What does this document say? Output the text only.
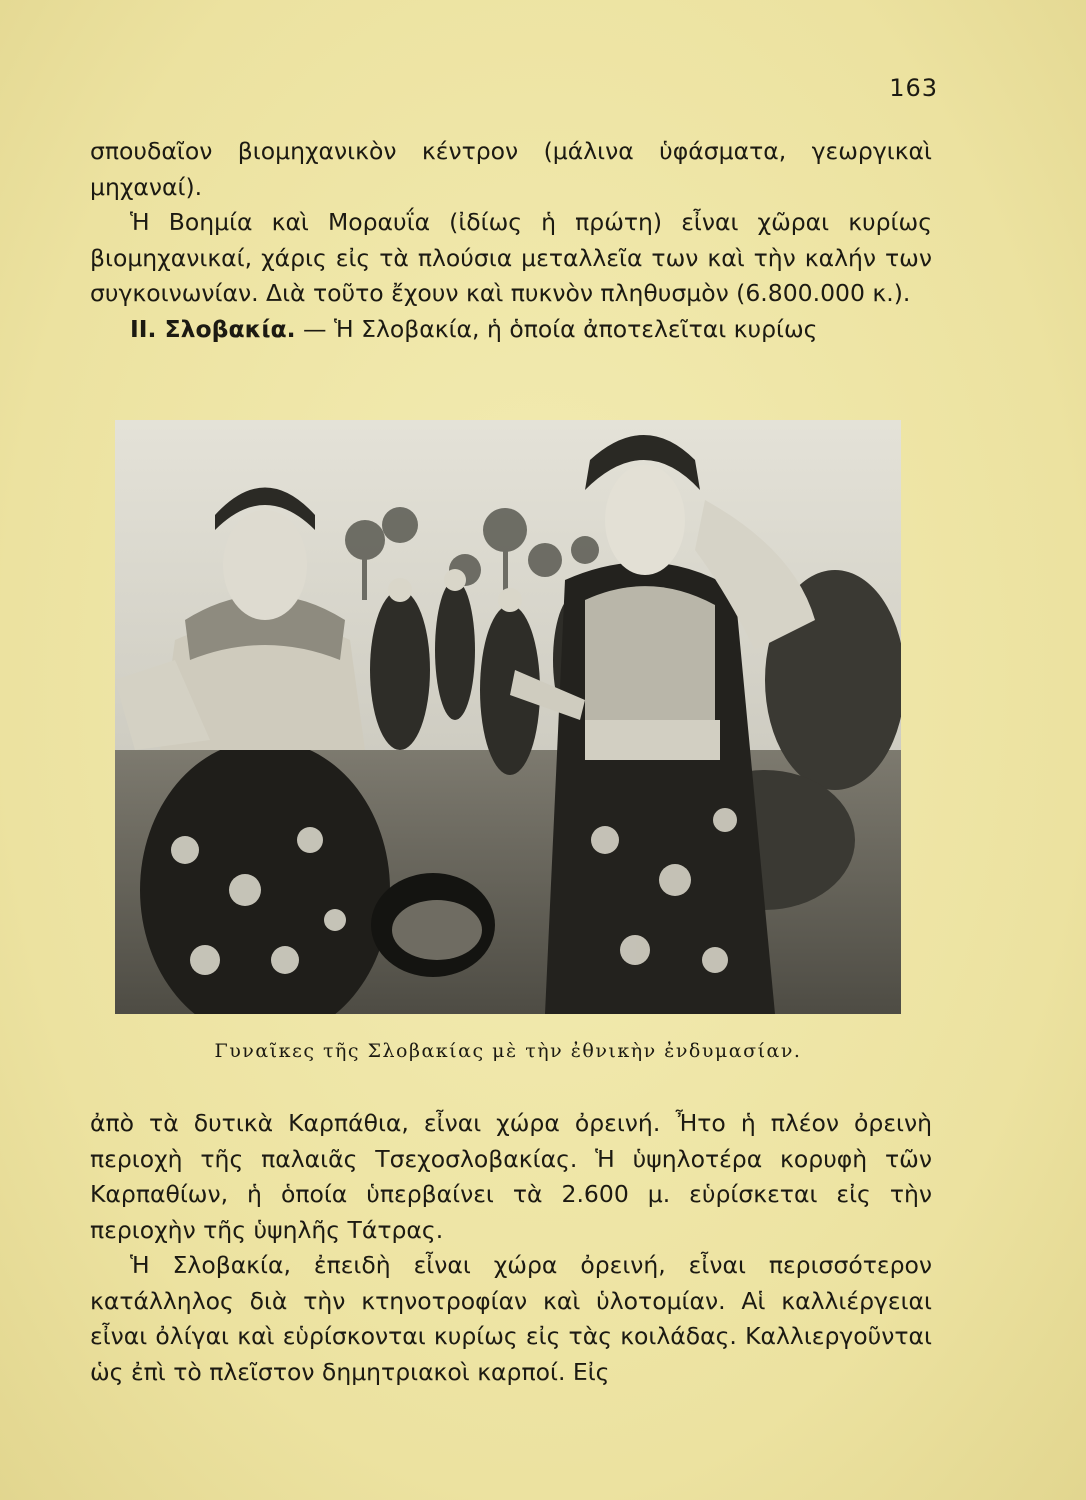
163

σπουδαῖον βιομηχανικὸν κέντρον (μάλινα ὑφάσματα, γεωργικαὶ μηχαναί).

Ἡ Βοημία καὶ Μοραυΐα (ἰδίως ἡ πρώτη) εἶναι χῶραι κυρίως βιομηχανικαί, χάρις εἰς τὰ πλούσια μεταλλεῖα των καὶ τὴν καλήν των συγκοινωνίαν. Διὰ τοῦτο ἔχουν καὶ πυκνὸν πληθυσμὸν (6.800.000 κ.).

II. Σλοβακία. — Ἡ Σλοβακία, ἡ ὁποία ἀποτελεῖται κυρίως

Γυναῖκες τῆς Σλοβακίας μὲ τὴν ἐθνικὴν ἐνδυμασίαν.

ἀπὸ τὰ δυτικὰ Καρπάθια, εἶναι χώρα ὀρεινή. Ἦτο ἡ πλέον ὀρεινὴ περιοχὴ τῆς παλαιᾶς Τσεχοσλοβακίας. Ἡ ὑψηλοτέρα κορυφὴ τῶν Καρπαθίων, ἡ ὁποία ὑπερβαίνει τὰ 2.600 μ. εὑρίσκεται εἰς τὴν περιοχὴν τῆς ὑψηλῆς Τάτρας.

Ἡ Σλοβακία, ἐπειδὴ εἶναι χώρα ὀρεινή, εἶναι περισσότερον κατάλληλος διὰ τὴν κτηνοτροφίαν καὶ ὑλοτομίαν. Αἱ καλλιέργειαι εἶναι ὀλίγαι καὶ εὑρίσκονται κυρίως εἰς τὰς κοιλάδας. Καλλιεργοῦνται ὡς ἐπὶ τὸ πλεῖστον δημητριακοὶ καρποί. Εἰς
